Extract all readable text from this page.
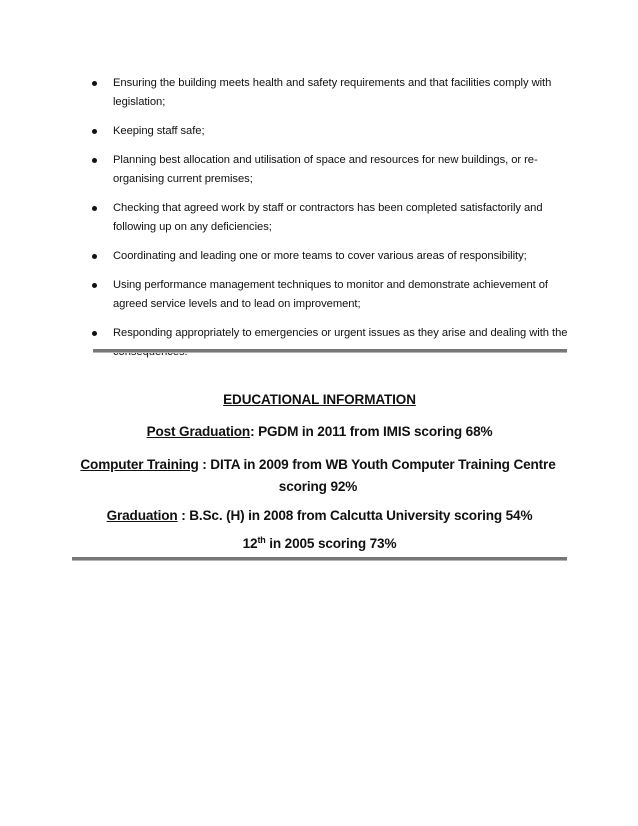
Ensuring the building meets health and safety requirements and that facilities comply with legislation;
Keeping staff safe;
Planning best allocation and utilisation of space and resources for new buildings, or re-organising current premises;
Checking that agreed work by staff or contractors has been completed satisfactorily and following up on any deficiencies;
Coordinating and leading one or more teams to cover various areas of responsibility;
Using performance management techniques to monitor and demonstrate achievement of agreed service levels and to lead on improvement;
Responding appropriately to emergencies or urgent issues as they arise and dealing with the
EDUCATIONAL INFORMATION
Post Graduation: PGDM in 2011 from IMIS scoring 68%
Computer Training : DITA in 2009 from WB Youth Computer Training Centre scoring 92%
Graduation : B.Sc. (H) in 2008 from Calcutta University scoring 54%
12th in 2005 scoring 73%
